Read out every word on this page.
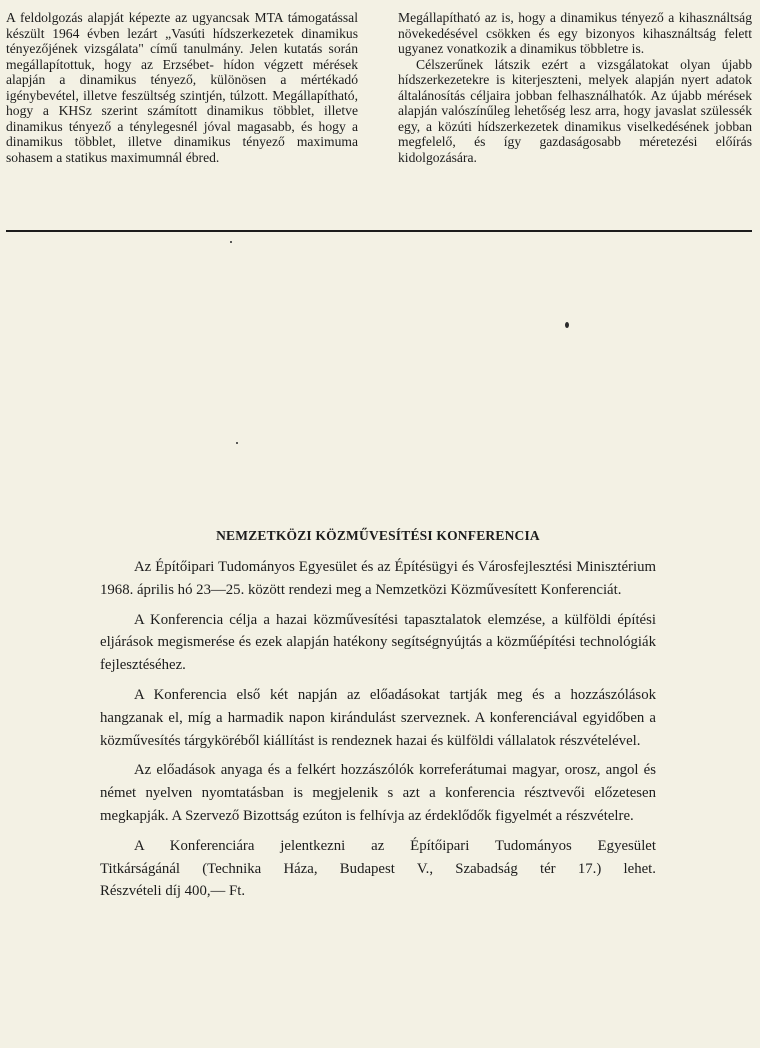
A feldolgozás alapját képezte az ugyancsak MTA támogatással készült 1964 évben lezárt „Vasúti hídszerkezetek dinamikus tényezőjének vizsgálata" című tanulmány. Jelen kutatás során megállapítottuk, hogy az Erzsébet- hídon végzett mérések alapján a dinamikus tényező, különösen a mértékadó igénybevétel, illetve feszültség szintjén, túlzott. Megállapítható, hogy a KHSz szerint számított dinamikus többlet, illetve dinamikus tényező a ténylegesnél jóval magasabb, és hogy a dinamikus többlet, illetve dinamikus tényező maximuma sohasem a statikus maximumnál ébred.

Megállapítható az is, hogy a dinamikus tényező a kihasználtság növekedésével csökken és egy bizonyos kihasználtság felett ugyanez vonatkozik a dinamikus többletre is.

Célszerűnek látszik ezért a vizsgálatokat olyan újabb hídszerkezetekre is kiterjeszteni, melyek alapján nyert adatok általánosítás céljaira jobban felhasználhatók. Az újabb mérések alapján valószínűleg lehetőség lesz arra, hogy javaslat szülessék egy, a közúti hídszerkezetek dinamikus viselkedésének jobban megfelelő, és így gazdaságosabb méretezési előírás kidolgozására.

NEMZETKÖZI KÖZMŰVESÍTÉSI KONFERENCIA

Az Építőipari Tudományos Egyesület és az Építésügyi és Városfejlesztési Minisztérium 1968. április hó 23—25. között rendezi meg a Nemzetközi Közművesített Konferenciát.

A Konferencia célja a hazai közművesítési tapasztalatok elemzése, a külföldi építési eljárások megismerése és ezek alapján hatékony segítségnyújtás a közműépítési technológiák fejlesztéséhez.

A Konferencia első két napján az előadásokat tartják meg és a hozzászólások hangzanak el, míg a harmadik napon kirándulást szerveznek. A konferenciával egyidőben a közművesítés tárgyköréből kiállítást is rendeznek hazai és külföldi vállalatok részvételével.

Az előadások anyaga és a felkért hozzászólók korreferátumai magyar, orosz, angol és német nyelven nyomtatásban is megjelenik s azt a konferencia résztvevői előzetesen megkapják. A Szervező Bizottság ezúton is felhívja az érdeklődők figyelmét a részvételre.

A Konferenciára jelentkezni az Építőipari Tudományos Egyesület
Titkárságánál (Technika Háza, Budapest V., Szabadság tér 17.) lehet.
Részvételi díj 400,— Ft.
